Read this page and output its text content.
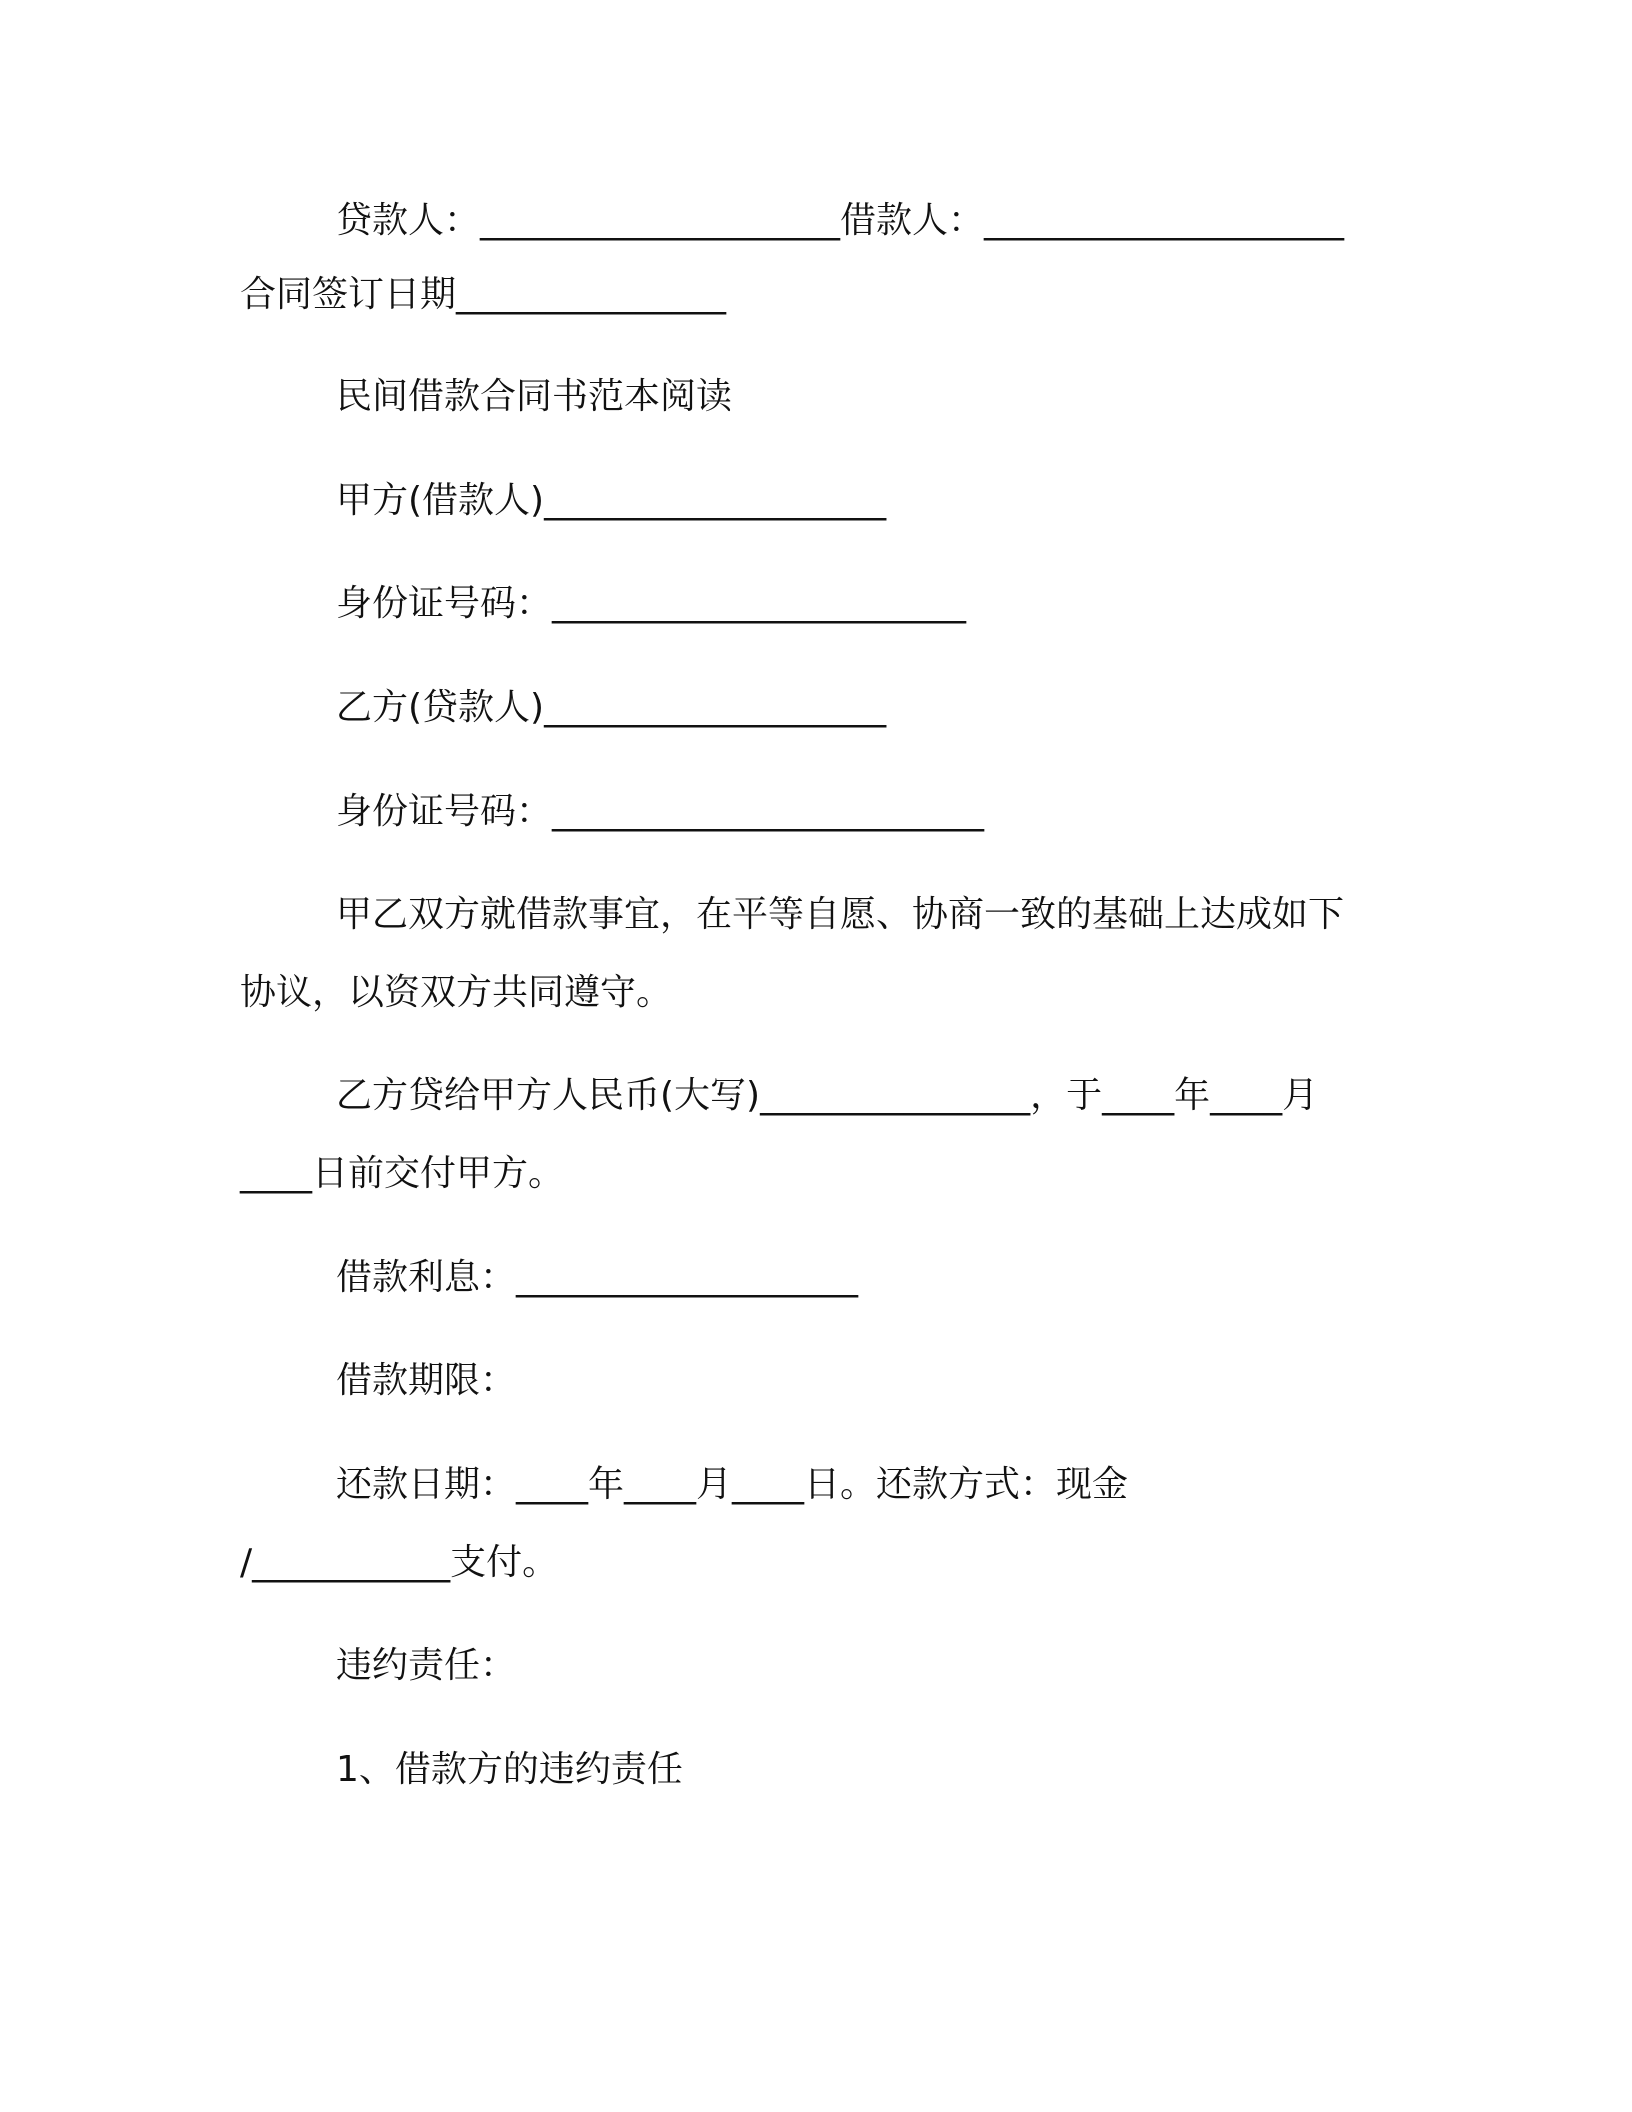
贷款人：____________________借款人：____________________
合同签订日期_______________
民间借款合同书范本阅读
甲方(借款人)___________________
身份证号码：_______________________
乙方(贷款人)___________________
身份证号码：________________________
甲乙双方就借款事宜，在平等自愿、协商一致的基础上达成如下
协议，以资双方共同遵守。
乙方贷给甲方人民币(大写)_______________，于____年____月
____日前交付甲方。
借款利息：___________________
借款期限：
还款日期：____年____月____日。还款方式：现金
/___________支付。
违约责任：
1、借款方的违约责任
